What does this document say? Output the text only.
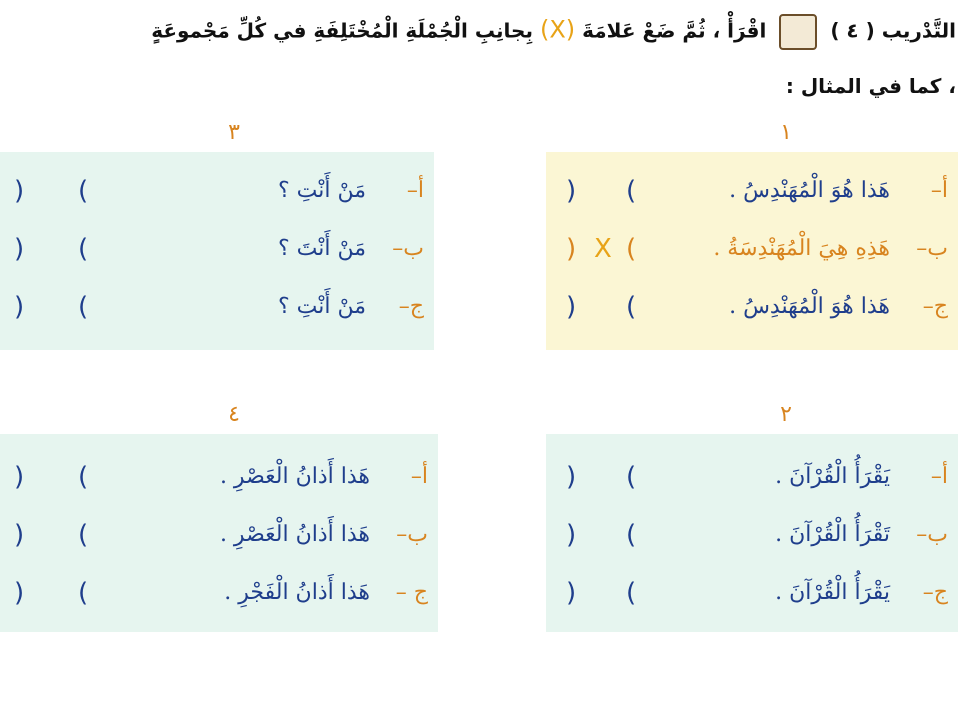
التَّدْريب ( ٤ )  اقْرَأْ ، ثُمَّ ضَعْ عَلامَةَ (X) بِجانِبِ الْجُمْلَةِ الْمُخْتَلِفَةِ في كُلِّ مَجْموعَةٍ
، كما في المثال :
١
٣
٢
٤
أ–
هَذا هُوَ الْمُهَنْدِسُ .
(
)
ب–
هَذِهِ هِيَ الْمُهَنْدِسَةُ .
(
X
)
ج–
هَذا هُوَ الْمُهَنْدِسُ .
(
)
أ–
مَنْ أَنْتِ ؟
(
)
ب–
مَنْ أَنْتَ ؟
(
)
ج–
مَنْ أَنْتِ ؟
(
)
أ–
يَقْرَأُ الْقُرْآنَ .
(
)
ب–
تَقْرَأُ الْقُرْآنَ .
(
)
ج–
يَقْرَأُ الْقُرْآنَ .
(
)
أ–
هَذا أَذانُ الْعَصْرِ .
(
)
ب–
هَذا أَذانُ الْعَصْرِ .
(
)
ج –
هَذا أَذانُ الْفَجْرِ .
(
)
